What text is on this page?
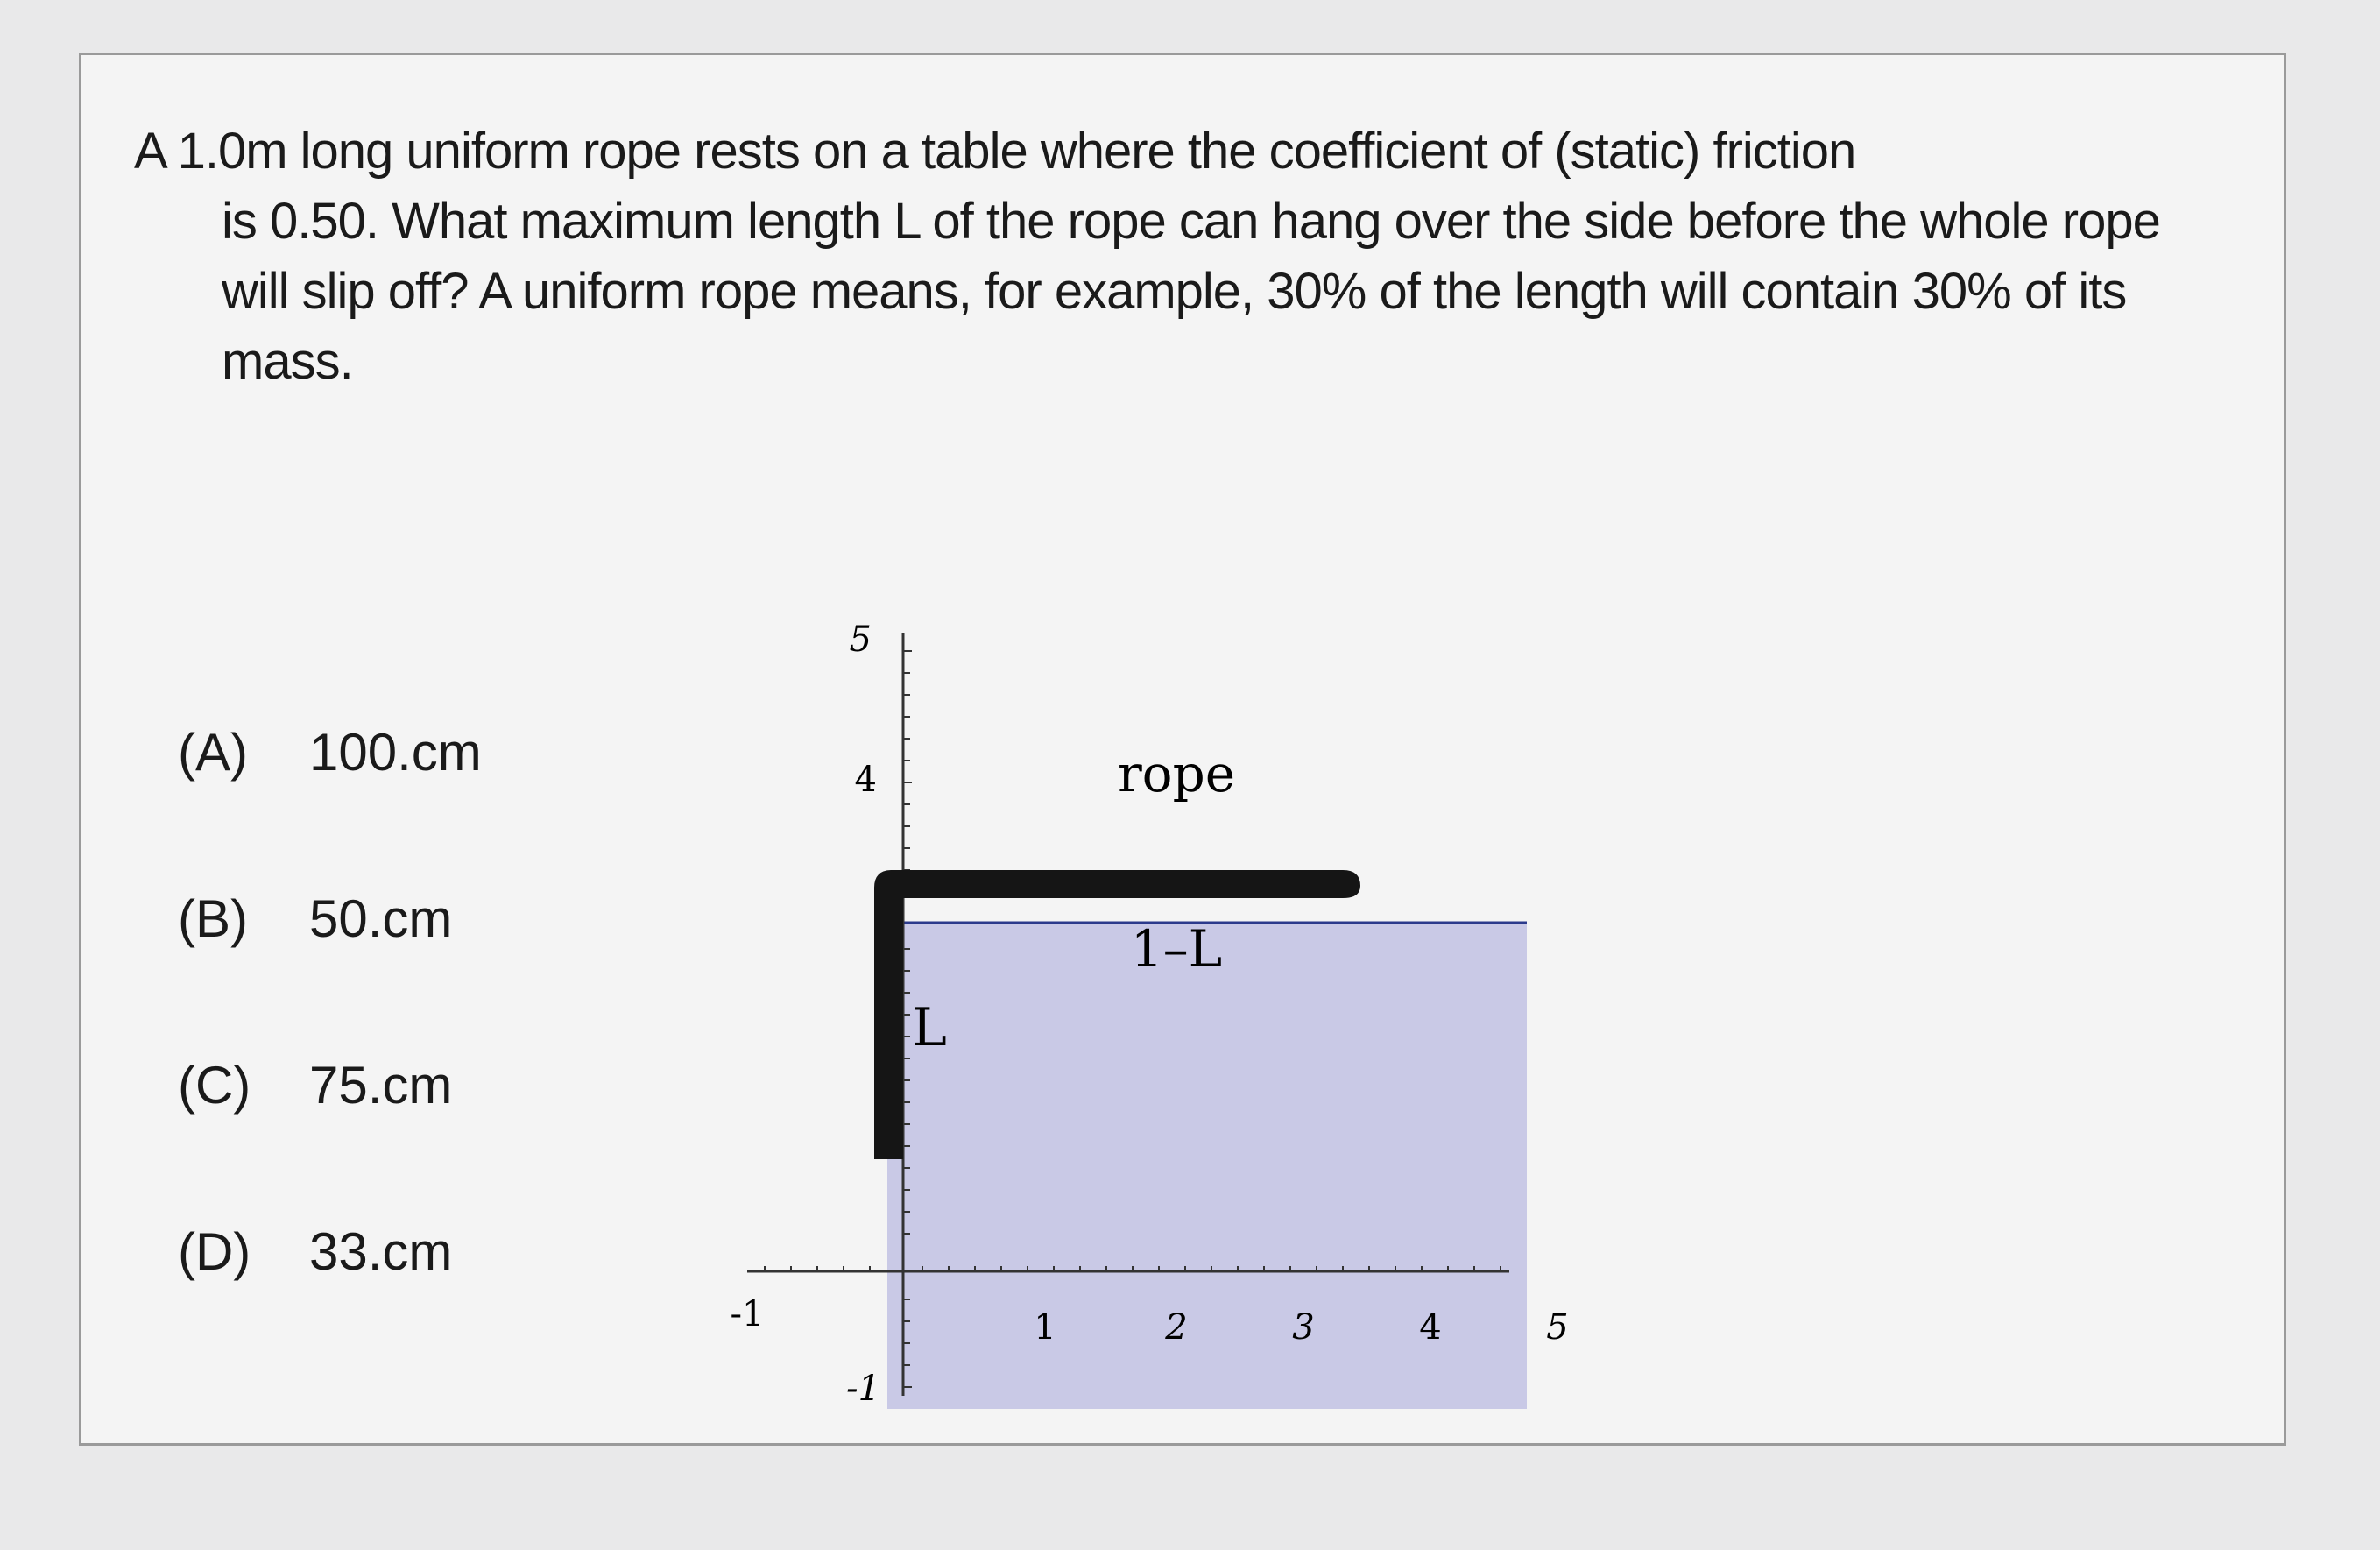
A 1.0m long uniform rope rests on a table where the coefficient of (static) friction
is 0.50. What maximum length L of the rope can hang over the side before the whole rope will slip off? A uniform rope means, for example, 30% of the length will contain 30% of its mass.
(A)	100.cm
(B)	50.cm
(C)	75.cm
(D)	33.cm
rope
1–L
L
5
4
-1
-1	1	2	3	4	5
